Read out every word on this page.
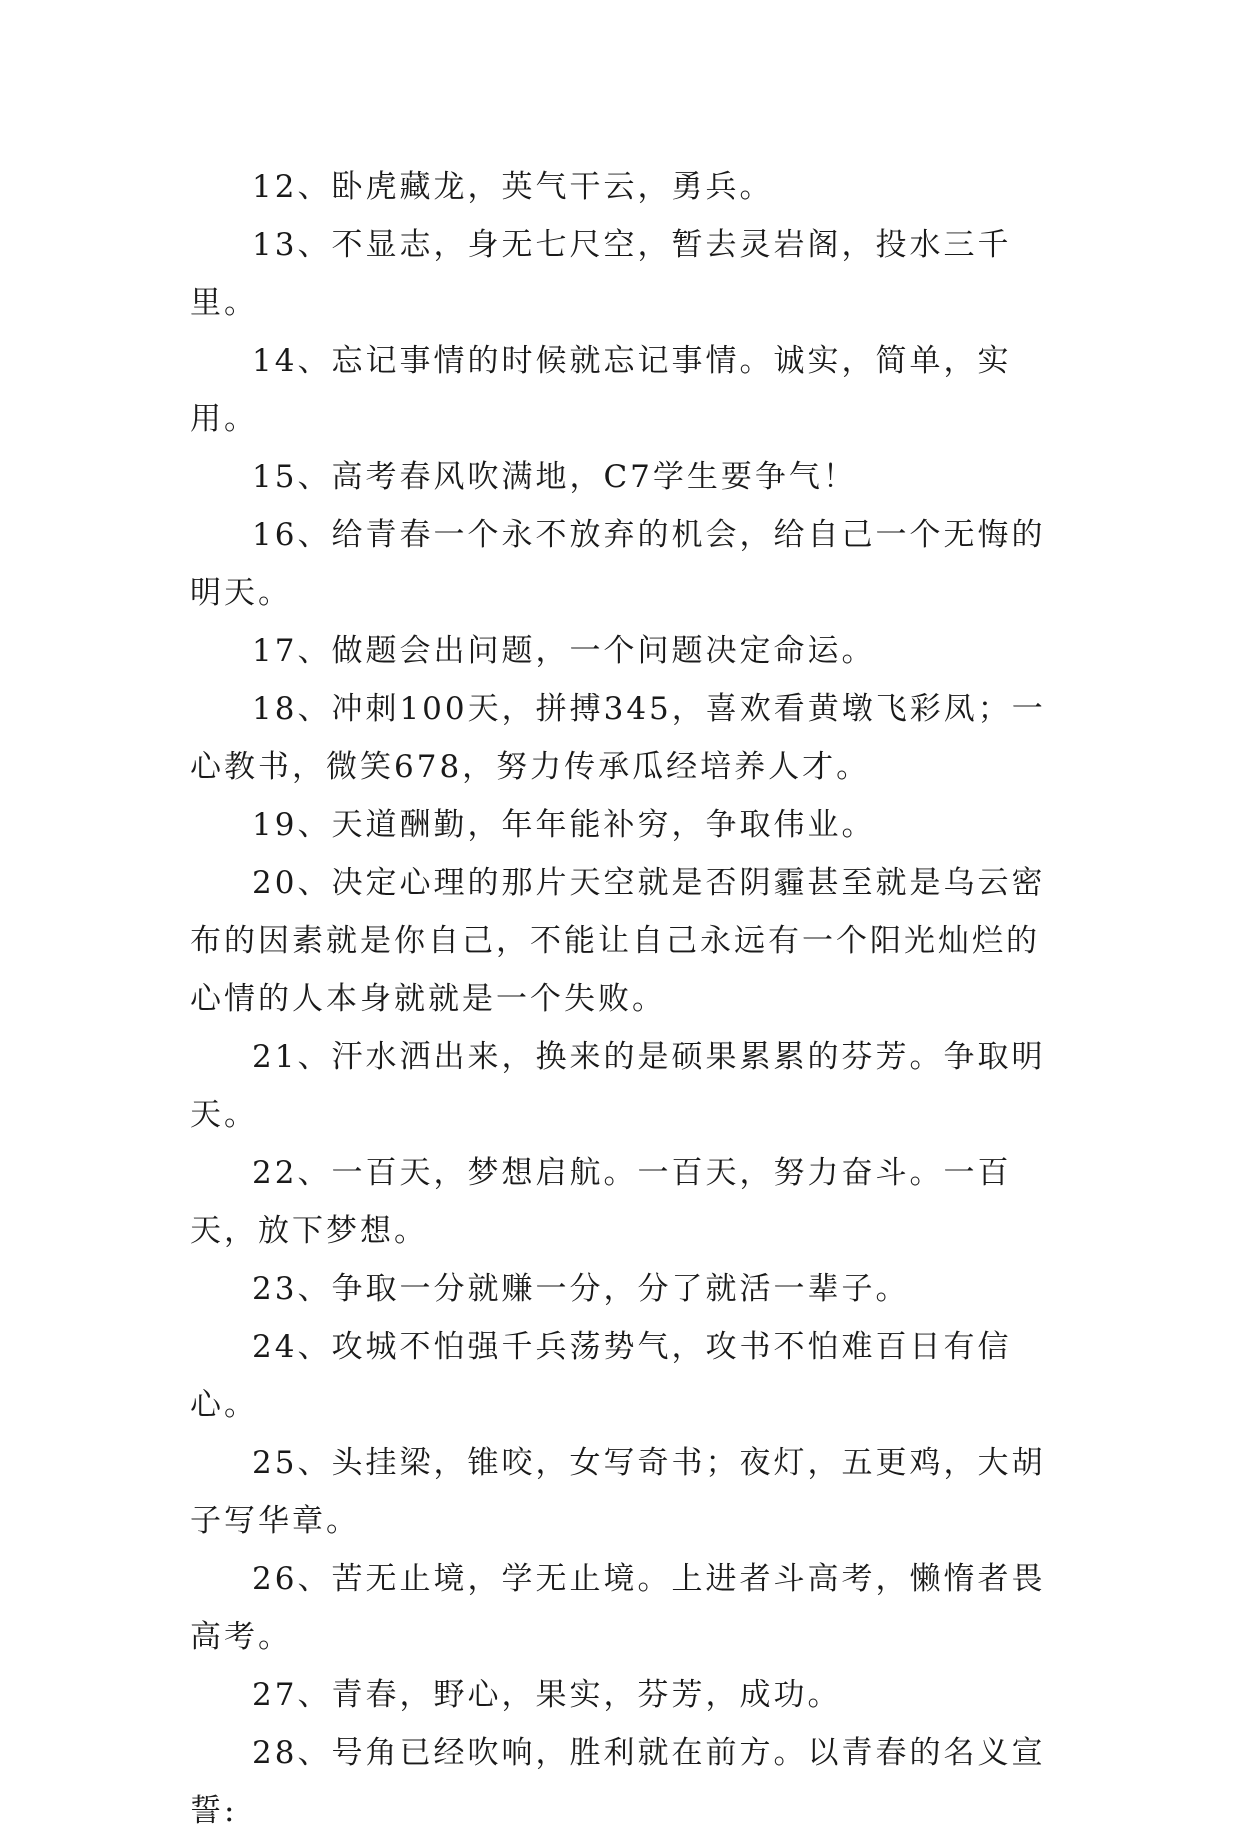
12、卧虎藏龙，英气干云，勇兵。

13、不显志，身无七尺空，暂去灵岩阁，投水三千里。

14、忘记事情的时候就忘记事情。诚实，简单，实用。

15、高考春风吹满地，C7学生要争气！

16、给青春一个永不放弃的机会，给自己一个无悔的明天。

17、做题会出问题，一个问题决定命运。

18、冲刺100天，拼搏345，喜欢看黄墩飞彩凤；一心教书，微笑678，努力传承瓜经培养人才。

19、天道酬勤，年年能补穷，争取伟业。

20、决定心理的那片天空就是否阴霾甚至就是乌云密布的因素就是你自己，不能让自己永远有一个阳光灿烂的心情的人本身就就是一个失败。

21、汗水洒出来，换来的是硕果累累的芬芳。争取明天。

22、一百天，梦想启航。一百天，努力奋斗。一百天，放下梦想。

23、争取一分就赚一分，分了就活一辈子。

24、攻城不怕强千兵荡势气，攻书不怕难百日有信心。

25、头挂梁，锥咬，女写奇书；夜灯，五更鸡，大胡子写华章。

26、苦无止境，学无止境。上进者斗高考，懒惰者畏高考。

27、青春，野心，果实，芬芳，成功。

28、号角已经吹响，胜利就在前方。以青春的名义宣誓:
